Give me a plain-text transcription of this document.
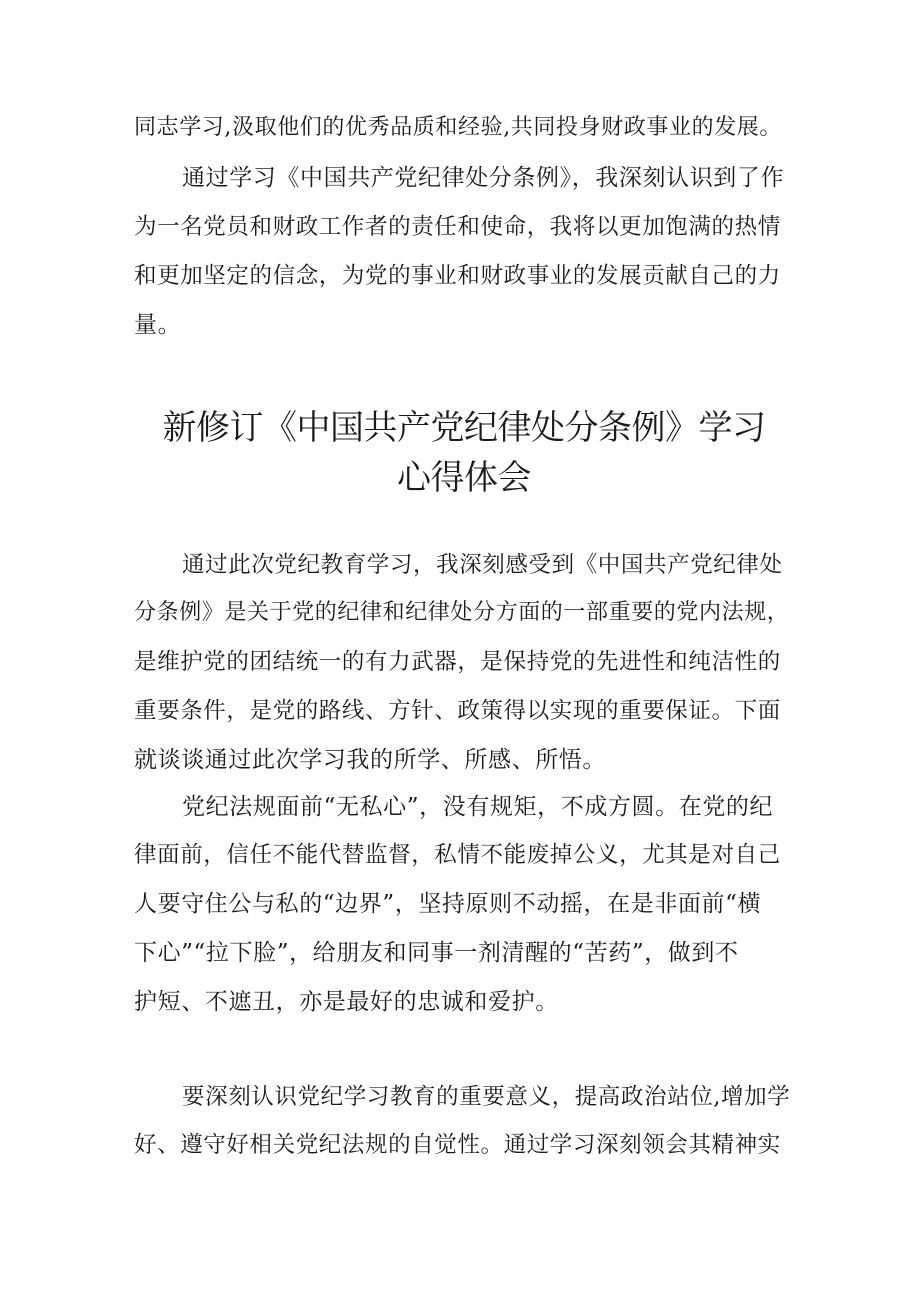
同志学习,汲取他们的优秀品质和经验,共同投身财政事业的发展。
通过学习《中国共产党纪律处分条例》，我深刻认识到了作
为一名党员和财政工作者的责任和使命，我将以更加饱满的热情
和更加坚定的信念，为党的事业和财政事业的发展贡献自己的力
量。
新修订《中国共产党纪律处分条例》学习
心得体会
通过此次党纪教育学习，我深刻感受到《中国共产党纪律处
分条例》是关于党的纪律和纪律处分方面的一部重要的党内法规，
是维护党的团结统一的有力武器，是保持党的先进性和纯洁性的
重要条件，是党的路线、方针、政策得以实现的重要保证。下面
就谈谈通过此次学习我的所学、所感、所悟。
党纪法规面前“无私心”，没有规矩，不成方圆。在党的纪
律面前，信任不能代替监督，私情不能废掉公义，尤其是对自己
人要守住公与私的“边界”，坚持原则不动摇，在是非面前“横
下心”“拉下脸”，给朋友和同事一剂清醒的“苦药”，做到不
护短、不遮丑，亦是最好的忠诚和爱护。
要深刻认识党纪学习教育的重要意义，提高政治站位,增加学
好、遵守好相关党纪法规的自觉性。通过学习深刻领会其精神实
